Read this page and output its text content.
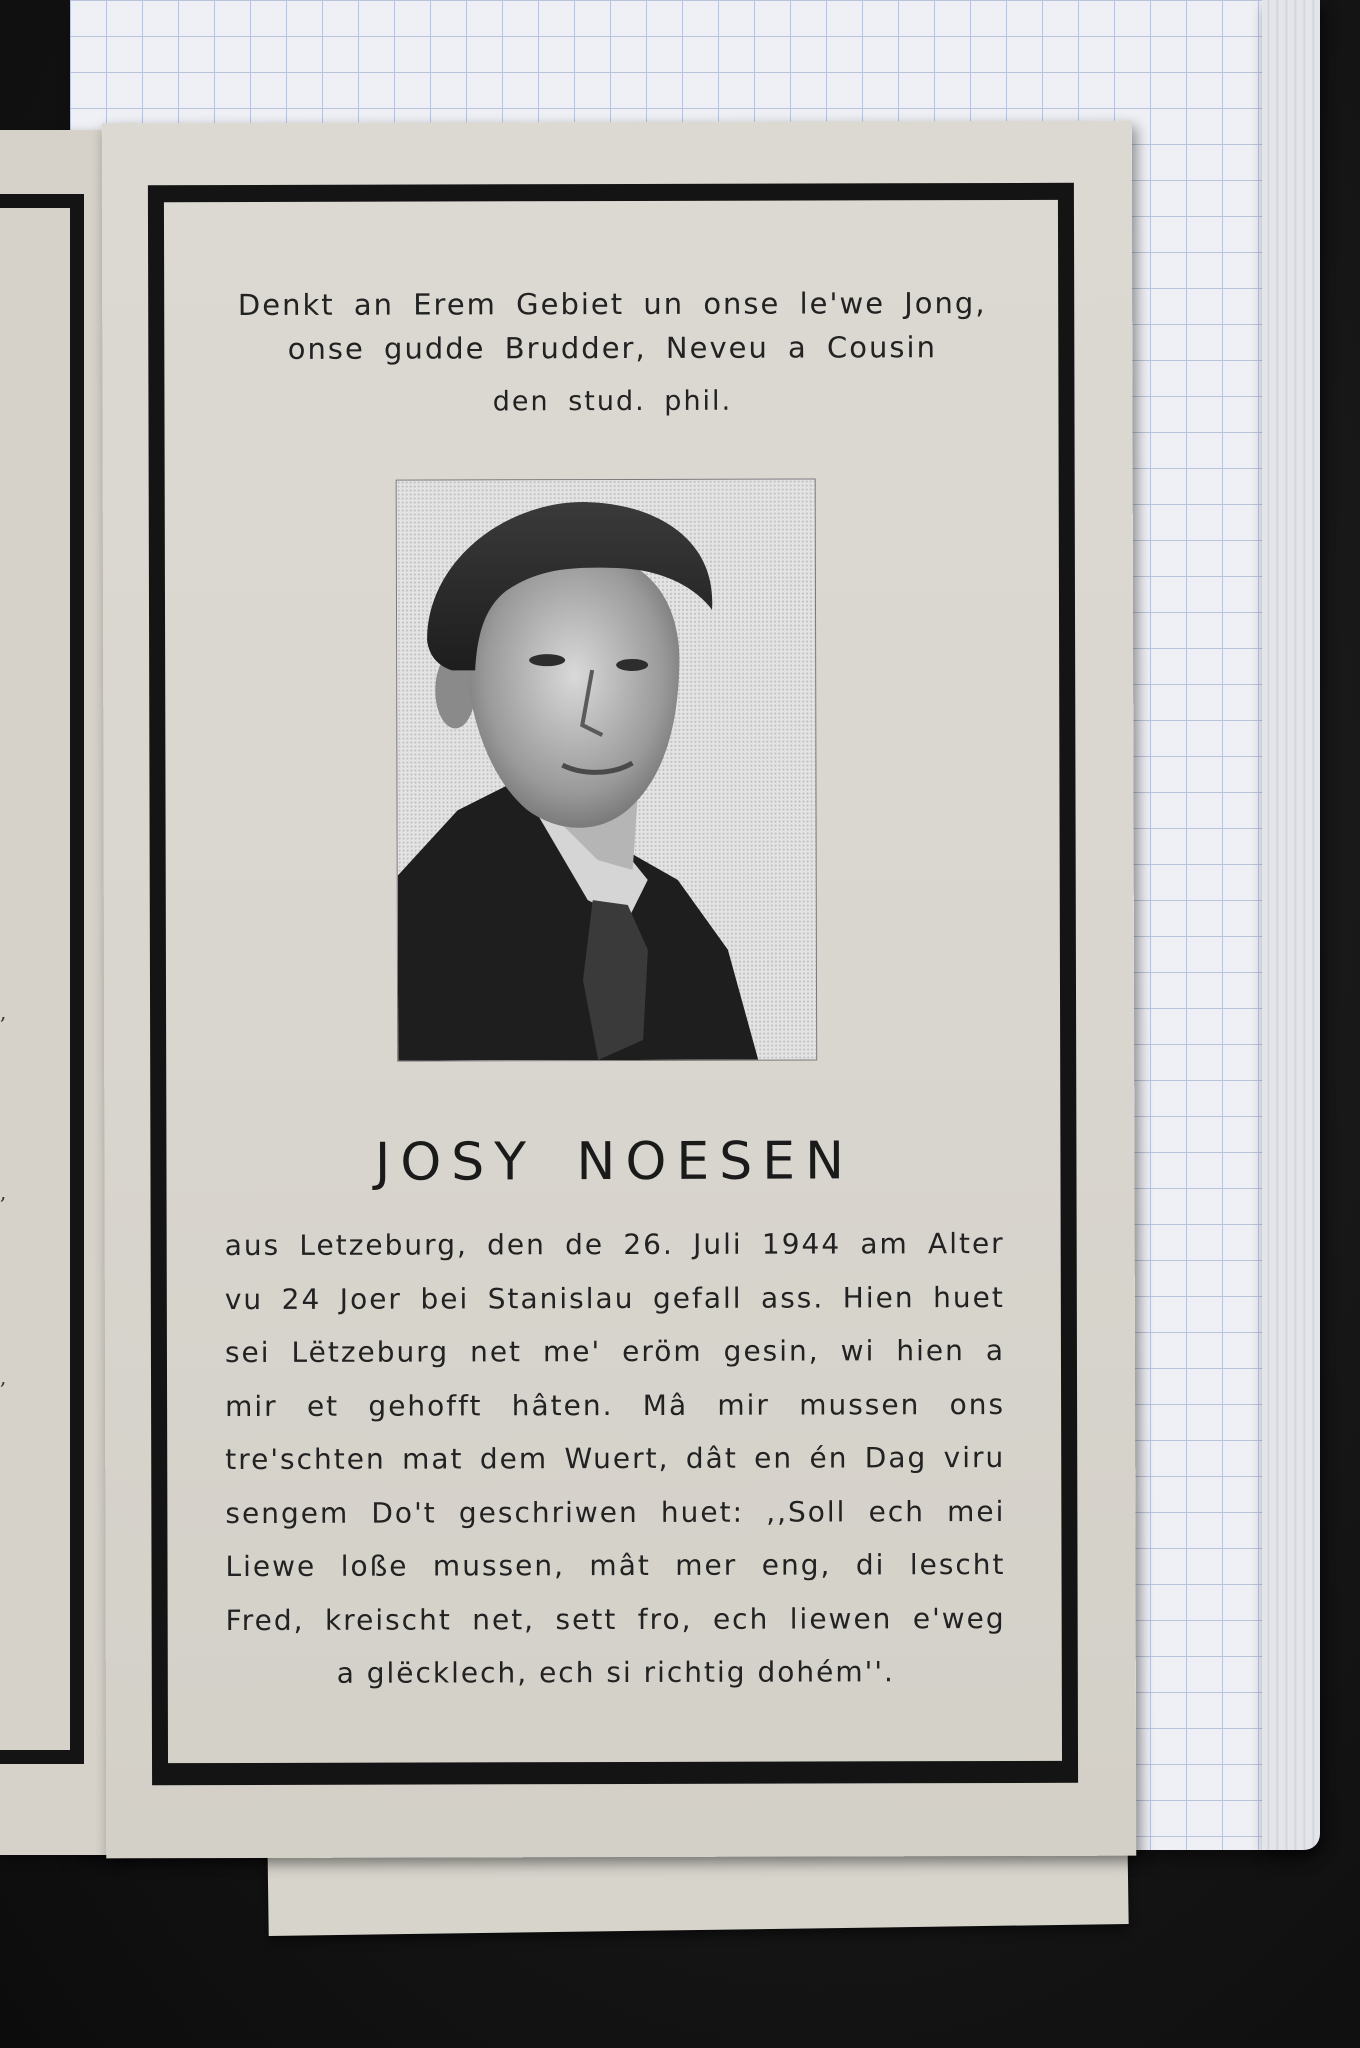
,
,
,

Denkt an Erem Gebiet un onse le'we Jong,

onse gudde Brudder, Neveu a Cousin

den stud. phil.

JOSY NOESEN
aus Letzeburg, den de 26. Juli 1944 am Alter
vu 24 Joer bei Stanislau gefall ass. Hien huet
sei Lëtzeburg net me' eröm gesin, wi hien a
mir et gehofft hâten. Mâ mir mussen ons
tre'schten mat dem Wuert, dât en én Dag viru
sengem Do't geschriwen huet: ,,Soll ech mei
Liewe loße mussen, mât mer eng, di lescht
Fred, kreischt net, sett fro, ech liewen e'weg
a glëcklech, ech si richtig dohém''.
